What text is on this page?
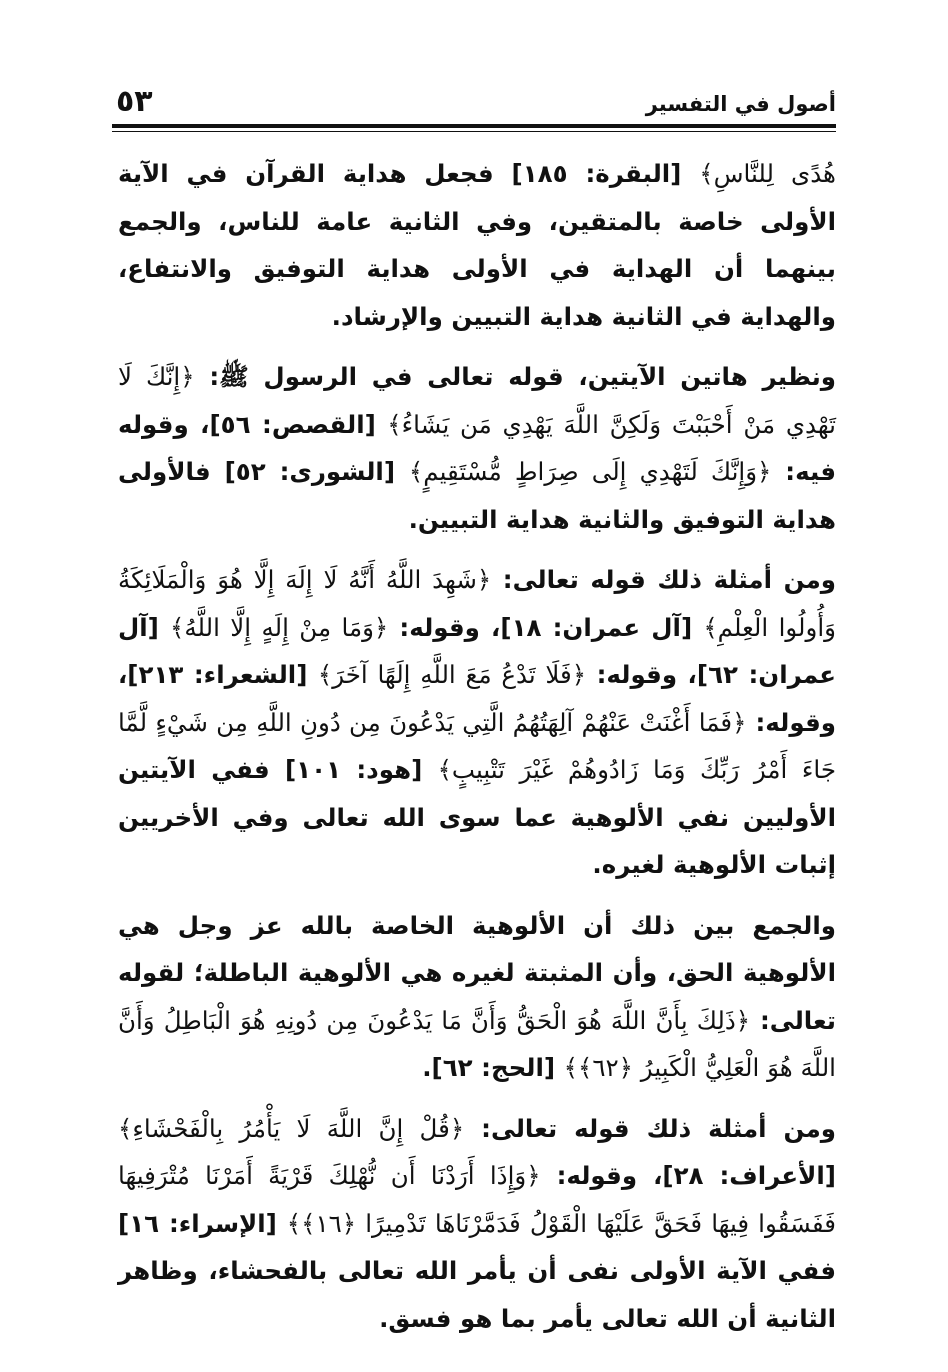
أصول في التفسير
٥٣

هُدًى لِلنَّاسِ﴾ [البقرة: ١٨٥] فجعل هداية القرآن في الآية الأولى خاصة بالمتقين، وفي الثانية عامة للناس، والجمع بينهما أن الهداية في الأولى هداية التوفيق والانتفاع، والهداية في الثانية هداية التبيين والإرشاد.

ونظير هاتين الآيتين، قوله تعالى في الرسول ﷺ: ﴿إِنَّكَ لَا تَهْدِي مَنْ أَحْبَبْتَ وَلَكِنَّ اللَّهَ يَهْدِي مَن يَشَاءُ﴾ [القصص: ٥٦]، وقوله فيه: ﴿وَإِنَّكَ لَتَهْدِي إِلَى صِرَاطٍ مُّسْتَقِيمٍ﴾ [الشورى: ٥٢] فالأولى هداية التوفيق والثانية هداية التبيين.

ومن أمثلة ذلك قوله تعالى: ﴿شَهِدَ اللَّهُ أَنَّهُ لَا إِلَهَ إِلَّا هُوَ وَالْمَلَائِكَةُ وَأُولُوا الْعِلْمِ﴾ [آل عمران: ١٨]، وقوله: ﴿وَمَا مِنْ إِلَهٍ إِلَّا اللَّهُ﴾ [آل عمران: ٦٢]، وقوله: ﴿فَلَا تَدْعُ مَعَ اللَّهِ إِلَهًا آخَرَ﴾ [الشعراء: ٢١٣]، وقوله: ﴿فَمَا أَغْنَتْ عَنْهُمْ آلِهَتُهُمُ الَّتِي يَدْعُونَ مِن دُونِ اللَّهِ مِن شَيْءٍ لَّمَّا جَاءَ أَمْرُ رَبِّكَ وَمَا زَادُوهُمْ غَيْرَ تَتْبِيبٍ﴾ [هود: ١٠١] ففي الآيتين الأوليين نفي الألوهية عما سوى الله تعالى وفي الأخريين إثبات الألوهية لغيره.

والجمع بين ذلك أن الألوهية الخاصة بالله عز وجل هي الألوهية الحق، وأن المثبتة لغيره هي الألوهية الباطلة؛ لقوله تعالى: ﴿ذَلِكَ بِأَنَّ اللَّهَ هُوَ الْحَقُّ وَأَنَّ مَا يَدْعُونَ مِن دُونِهِ هُوَ الْبَاطِلُ وَأَنَّ اللَّهَ هُوَ الْعَلِيُّ الْكَبِيرُ ﴿٦٢﴾﴾ [الحج: ٦٢].

ومن أمثلة ذلك قوله تعالى: ﴿قُلْ إِنَّ اللَّهَ لَا يَأْمُرُ بِالْفَحْشَاءِ﴾ [الأعراف: ٢٨]، وقوله: ﴿وَإِذَا أَرَدْنَا أَن نُّهْلِكَ قَرْيَةً أَمَرْنَا مُتْرَفِيهَا فَفَسَقُوا فِيهَا فَحَقَّ عَلَيْهَا الْقَوْلُ فَدَمَّرْنَاهَا تَدْمِيرًا ﴿١٦﴾﴾ [الإسراء: ١٦] ففي الآية الأولى نفى أن يأمر الله تعالى بالفحشاء، وظاهر الثانية أن الله تعالى يأمر بما هو فسق.
